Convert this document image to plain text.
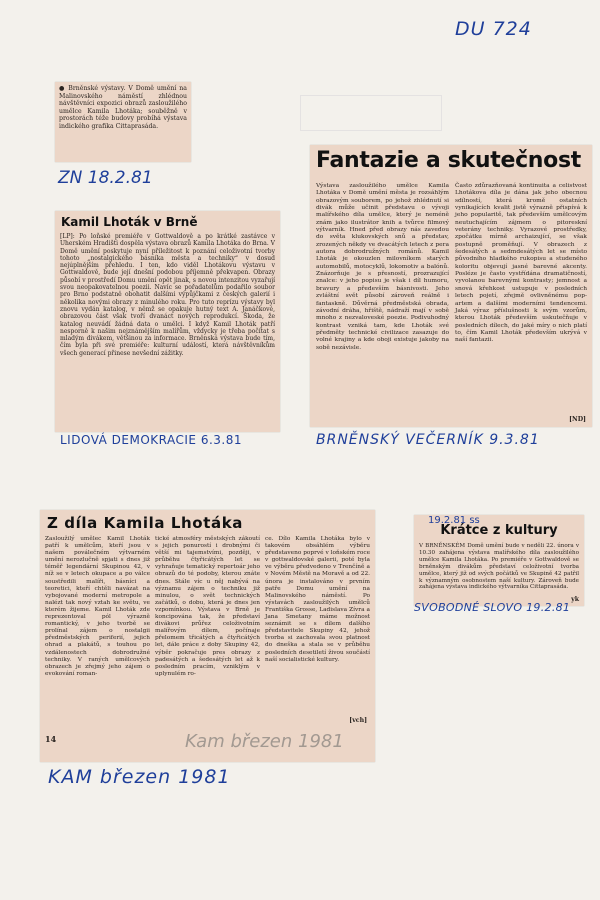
DU 724
● Brněnské výstavy. V Domě umění na Malinovského náměstí zhlédnou návštěvníci expozici obrazů zasloužilého umělce Kamila Lhotáka; souběžně v prostorách téže budovy probíhá výstava indického grafika Cittaprasáda.
ZN 18.2.81
Kamil Lhoták v Brně
[LP]: Po loňské premiéře v Gottwaldově a po krátké zastávce v Uherském Hradišti dospěla výstava obrazů Kamila Lhotáka do Brna. V Domě umění poskytuje nyní příležitost k poznání celoživotní tvorby tohoto „nostalgického básníka města a techniky“ v dosud nejúplnějším přehledu. I ten, kdo viděl Lhotákovu výstavu v Gottwaldově, bude její dnešní podobou příjemně překvapen. Obrazy působí v prostředí Domu umění opět jinak, s novou intenzitou vyzařují svou neopakovatelnou poezii. Navíc se pořadatelům podařilo soubor pro Brno podstatně obohatit dalšími výpůjčkami z českých galerií i několika novými obrazy z minulého roku. Pro tuto reprízu výstavy byl znovu vydán katalog, v němž se opakuje hutný text A. Janáčkové, obrazovou část však tvoří dvanáct nových reprodukcí. Škoda, že katalog neuvádí žádná data o umělci. I když Kamil Lhoták patří nesporně k našim nejznámějším malířům, vždycky je třeba počítat s mladým divákem, většinou za informace. Brněnská výstava bude tím, čím byla při své premiéře: kulturní událostí, která návštěvníkům všech generací přinese nevšední zážitky.
LIDOVÁ DEMOKRACIE 6.3.81
Fantazie a skutečnost
Výstava zasloužilého umělce Kamila Lhotáka v Domě umění města je rozsáhlým obrazovým souborem, po jehož zhlédnutí si divák může učinit představu o vývoji malířského díla umělce, který je neméně znám jako ilustrátor knih a tvůrce filmový výtvarník. Hned před obrazy nás zavedou do světa klukovských snů a představ, zrozených někdy ve dvacátých letech z pera autora dobrodružných románů. Kamil Lhoták je okouzlen milovníkem starých automobilů, motocyklů, lokomotiv a balónů. Znázorňuje je s přesností, prozrazující znalce: v jeho popisu je však i díl humoru, bravury a především básnivosti. Jeho zvláštní svět působí zároveň reálně i fantaskně. Důvěrná předměstská obrada, závodní dráha, hřiště, nádraží mají v sobě mnoho z nezvaloveské poezie. Podivuhodný kontrast vzniká tam, kde Lhoták své předměty technické civilizace zasazuje do volné krajiny a kde oboji existuje jakoby na sobě nezávisle.
Často zdůrazňovaná kontinuita a celistvost Lhotákova díla je dána jak jeho obecnou sdílností, která kromě ostatních vynikajících kvalit jistě výrazně přispívá k jeho popularitě, tak především umělcovým neutuchajícím zájmem o pitoreskní veterány techniky. Vyrazové prostředky, zpočátku mírně archaizující, se však postupně proměňují. V obrazech z šedesátých a sedmdesátých let se místo původního hladkého rukopisu a studeného koloritu objevují jasné barevné akcenty. Posléze je často vystřídána dramatičností, vyvolanou barevnými kontrasty; jemnost a snová křehkost ustupuje v posledních letech pojetí, zřejmě ovlivněnému pop-artem a dalšími moderními tendencemi. Jaká výraz příslušnosti k svým vzorům, kterou Lhoták především uskutečňuje v posledních dílech, do jaké míry o nich platí to, čím Kamil Lhoták především ukrývá v naší fantazii.
[ND]
BRNĚNSKÝ VEČERNÍK 9.3.81
Z díla Kamila Lhotáka
Zasloužilý umělec Kamil Lhoták patří k umělcům, kteří jsou v našem poválečném výtvarném umění nerozlučně spjati s dnes již téměř legendární Skupinou 42, v níž se v letech okupace a po válce soustředili malíři, básníci a teoretici, kteří chtěli navázat na vybojované moderní metropole a nalézt tak nový vztah ke světu, ve kterém žijeme. Kamil Lhoták zde reprezentoval pól výrazně romantický, v jeho tvorbě se prolínal zájem o nostalgii předměstských periferií, jejich ohrad a plakátů, s touhou po vzdálenostech dobrodružné techniky. V raných umělcových obrazech je zřejmý jeho zájem o evokování roman-
tické atmosféry městských zákoutí s jejich ponurostí i drobnými či větší mi tajemstvími, později, v průběhu čtyřicátých let se vyhraňuje tematický repertoár jeho obrazů do té podoby, kterou znáte dnes. Stále víc u něj nabývá na významu zájem o techniku již minulou, o svět technických začátků, o dobu, která je dnes jen vzpomínkou. Výstava v Brně je koncipována tak, že představí divákovi průřez celoživotním malířovým dílem, počínaje přelomem třicátých a čtyřicátých let, dále práce z doby Skupiny 42, výběr pokračuje pres obrazy z padesátých a šedesátých let až k posledním pracím, vzniklým v uplynulém ro-
ce. Dílo Kamila Lhotáka bylo v takovém obsáhlém výběru představeno poprvé v loňském roce v gottwaldovské galerii, poté byla ve výběru předvedeno v Trenčíně a v Novém Městě na Moravě a od 22. února je instalováno v prvním patře Domu umění na Malinovského náměstí. Po výstavách zasloužilých umělců Františka Grosse, Ladislava Zívra a Jana Smetany máme možnost seznámit se s dílem dalšího představitele Skupiny 42, jehož tvorba si zachovala svou platnost do dneška a stala se v průběhu posledních desetiletí živou součástí naší socialistické kultury.
[vch]
14	Kam březen 1981
KAM březen 1981
19.2.81 ss
Krátce z kultury
V BRNĚNSKÉM Domě umění bude v neděli 22. února v 10.30 zahájena výstava malířského díla zasloužilého umělce Kamila Lhotáka. Po premiéře v Gottwaldově se brněnským divákům představí celoživotní tvorba umělce, který již od svých počátků ve Skupině 42 patřil k významným osobnostem naší kultury. Zároveň bude zahájena výstava indického výtvarníka Cittaprasáda.
yk
SVOBODNÉ SLOVO 19.2.81
